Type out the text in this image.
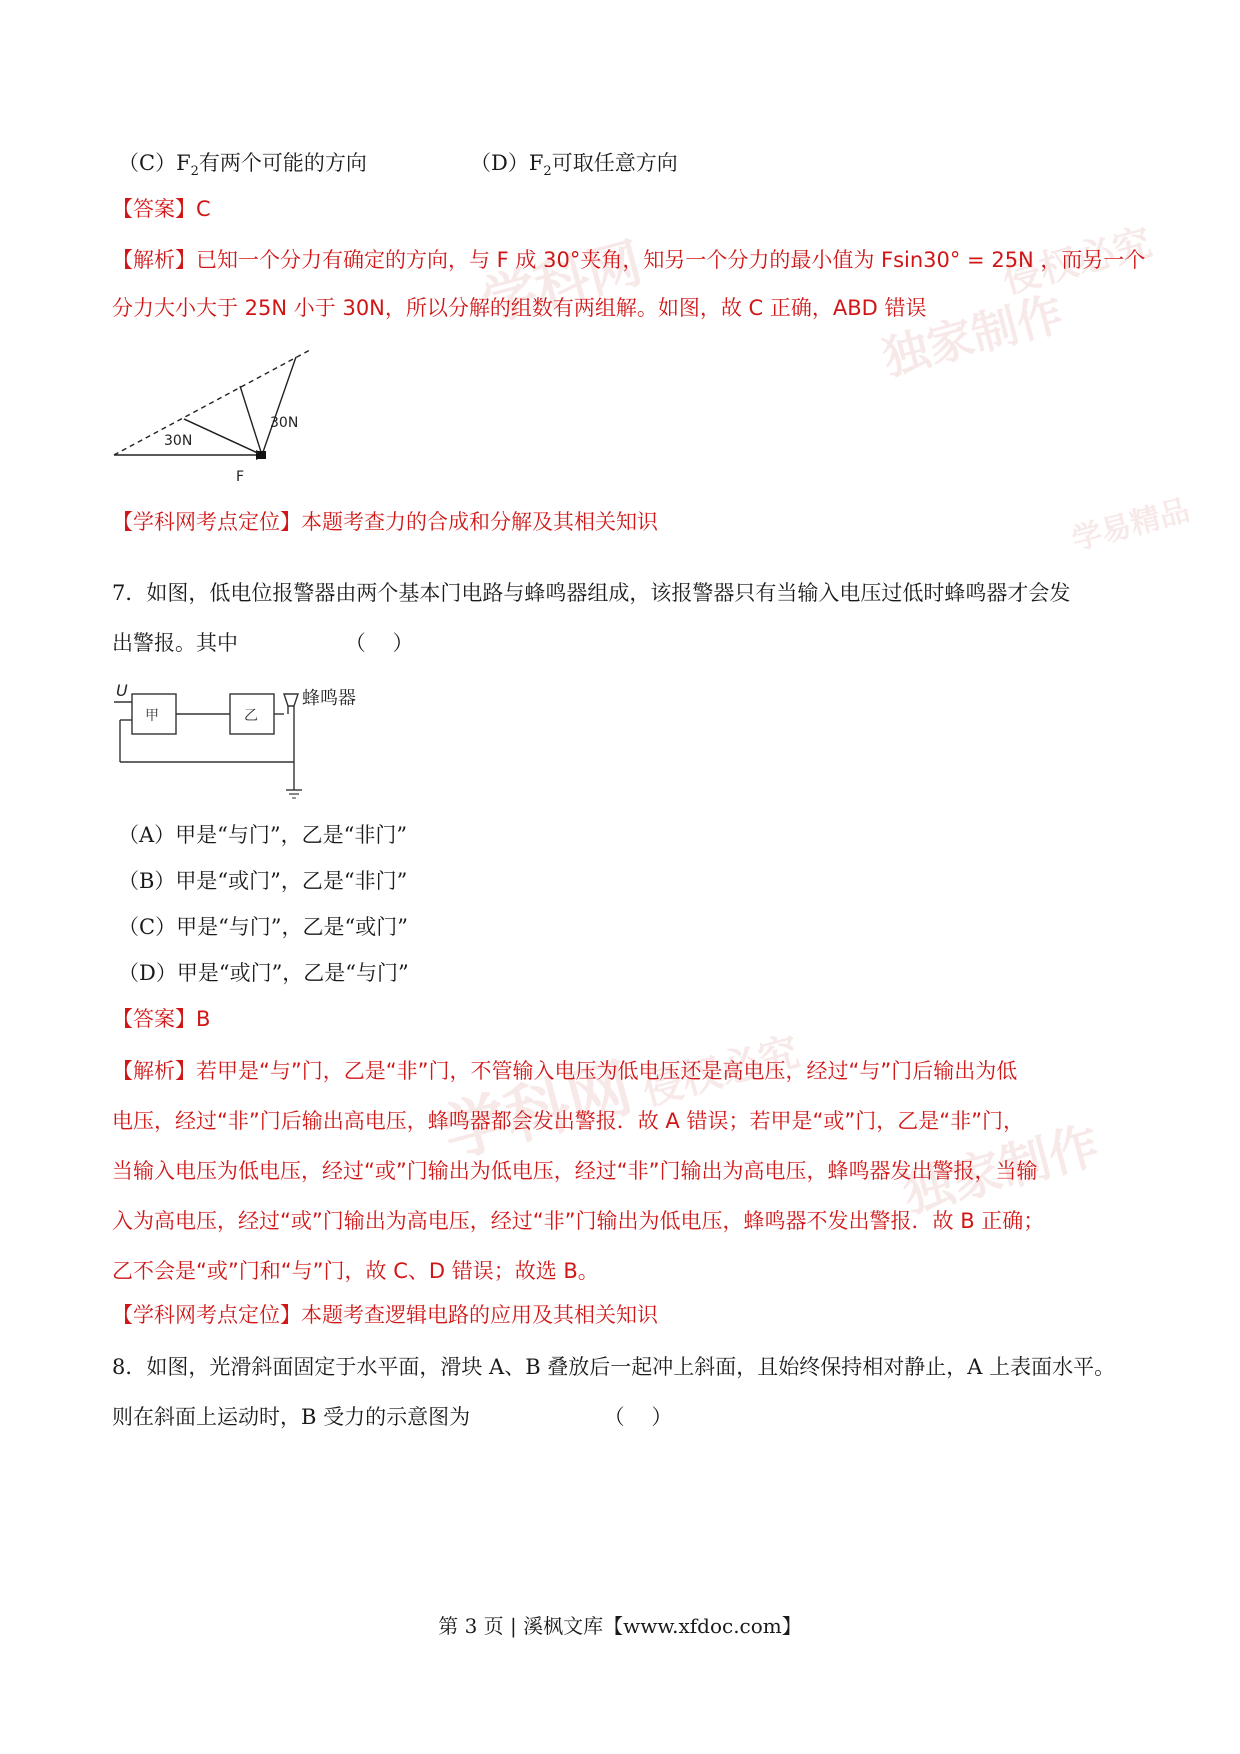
学科网
独家制作
侵权必究
学易精品
学科网	独家制作
侵权必究
$(C)F_2$有两个可能的方向	$(D)F_2$可取任意方向
【答案】C
【解析】已知一个分力有确定的方向，与 F 成 30°夹角，知另一个分力的最小值为 Fsin30° = 25N ，而另一个
分力大小大于 25N 小于 30N，所以分解的组数有两组解。如图，故 C 正确，ABD 错误
30N
30N
F
【学科网考点定位】本题考查力的合成和分解及其相关知识
7．如图，低电位报警器由两个基本门电路与蜂鸣器组成，该报警器只有当输入电压过低时蜂鸣器才会发
出警报。其中                （    ）
U
甲	乙
蜂鸣器
（A）甲是“与门”，乙是“非门”
（B）甲是“或门”，乙是“非门”
（C）甲是“与门”，乙是“或门”
（D）甲是“或门”，乙是“与门”
【答案】B
【解析】若甲是“与”门，乙是“非”门，不管输入电压为低电压还是高电压，经过“与”门后输出为低
电压，经过“非”门后输出高电压，蜂鸣器都会发出警报．故 A 错误；若甲是“或”门，乙是“非”门，
当输入电压为低电压，经过“或”门输出为低电压，经过“非”门输出为高电压，蜂鸣器发出警报，当输
入为高电压，经过“或”门输出为高电压，经过“非”门输出为低电压，蜂鸣器不发出警报．故 B 正确；
乙不会是“或”门和“与”门，故 C、D 错误；故选 B。
【学科网考点定位】本题考查逻辑电路的应用及其相关知识
8．如图，光滑斜面固定于水平面，滑块 A、B 叠放后一起冲上斜面，且始终保持相对静止，A 上表面水平。
则在斜面上运动时，B 受力的示意图为                    （    ）
第 3 页 | 溪枫文库【www.xfdoc.com】
